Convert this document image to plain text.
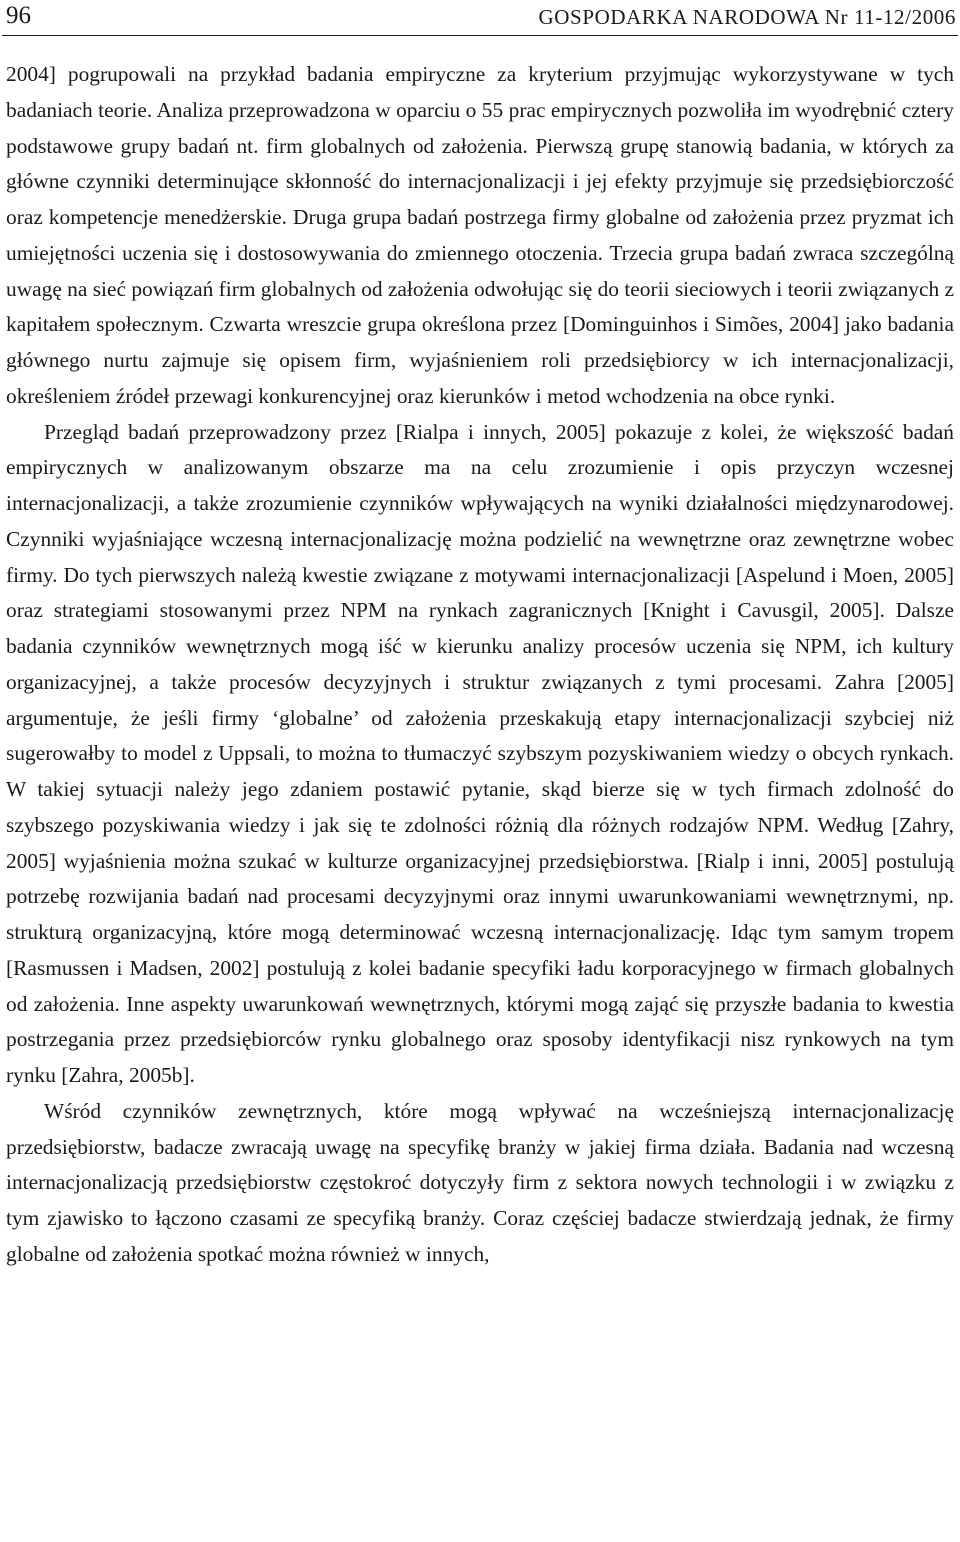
96	GOSPODARKA NARODOWA Nr 11-12/2006

2004] pogrupowali na przykład badania empiryczne za kryterium przyjmując wykorzystywane w tych badaniach teorie. Analiza przeprowadzona w oparciu o 55 prac empirycznych pozwoliła im wyodrębnić cztery podstawowe grupy badań nt. firm globalnych od założenia. Pierwszą grupę stanowią badania, w których za główne czynniki determinujące skłonność do internacjonalizacji i jej efekty przyjmuje się przedsiębiorczość oraz kompetencje menedżerskie. Druga grupa badań postrzega firmy globalne od założenia przez pryzmat ich umiejętności uczenia się i dostosowywania do zmiennego otoczenia. Trzecia grupa badań zwraca szczególną uwagę na sieć powiązań firm globalnych od założenia odwołując się do teorii sieciowych i teorii związanych z kapitałem społecznym. Czwarta wreszcie grupa określona przez [Dominguinhos i Simões, 2004] jako badania głównego nurtu zajmuje się opisem firm, wyjaśnieniem roli przedsiębiorcy w ich internacjonalizacji, określeniem źródeł przewagi konkurencyjnej oraz kierunków i metod wchodzenia na obce rynki.

Przegląd badań przeprowadzony przez [Rialpa i innych, 2005] pokazuje z kolei, że większość badań empirycznych w analizowanym obszarze ma na celu zrozumienie i opis przyczyn wczesnej internacjonalizacji, a także zrozumienie czynników wpływających na wyniki działalności międzynarodowej. Czynniki wyjaśniające wczesną internacjonalizację można podzielić na wewnętrzne oraz zewnętrzne wobec firmy. Do tych pierwszych należą kwestie związane z motywami internacjonalizacji [Aspelund i Moen, 2005] oraz strategiami stosowanymi przez NPM na rynkach zagranicznych [Knight i Cavusgil, 2005]. Dalsze badania czynników wewnętrznych mogą iść w kierunku analizy procesów uczenia się NPM, ich kultury organizacyjnej, a także procesów decyzyjnych i struktur związanych z tymi procesami. Zahra [2005] argumentuje, że jeśli firmy ‘globalne’ od założenia przeskakują etapy internacjonalizacji szybciej niż sugerowałby to model z Uppsali, to można to tłumaczyć szybszym pozyskiwaniem wiedzy o obcych rynkach. W takiej sytuacji należy jego zdaniem postawić pytanie, skąd bierze się w tych firmach zdolność do szybszego pozyskiwania wiedzy i jak się te zdolności różnią dla różnych rodzajów NPM. Według [Zahry, 2005] wyjaśnienia można szukać w kulturze organizacyjnej przedsiębiorstwa. [Rialp i inni, 2005] postulują potrzebę rozwijania badań nad procesami decyzyjnymi oraz innymi uwarunkowaniami wewnętrznymi, np. strukturą organizacyjną, które mogą determinować wczesną internacjonalizację. Idąc tym samym tropem [Rasmussen i Madsen, 2002] postulują z kolei badanie specyfiki ładu korporacyjnego w firmach globalnych od założenia. Inne aspekty uwarunkowań wewnętrznych, którymi mogą zająć się przyszłe badania to kwestia postrzegania przez przedsiębiorców rynku globalnego oraz sposoby identyfikacji nisz rynkowych na tym rynku [Zahra, 2005b].

Wśród czynników zewnętrznych, które mogą wpływać na wcześniejszą internacjonalizację przedsiębiorstw, badacze zwracają uwagę na specyfikę branży w jakiej firma działa. Badania nad wczesną internacjonalizacją przedsiębiorstw częstokroć dotyczyły firm z sektora nowych technologii i w związku z tym zjawisko to łączono czasami ze specyfiką branży. Coraz częściej badacze stwierdzają jednak, że firmy globalne od założenia spotkać można również w innych,
